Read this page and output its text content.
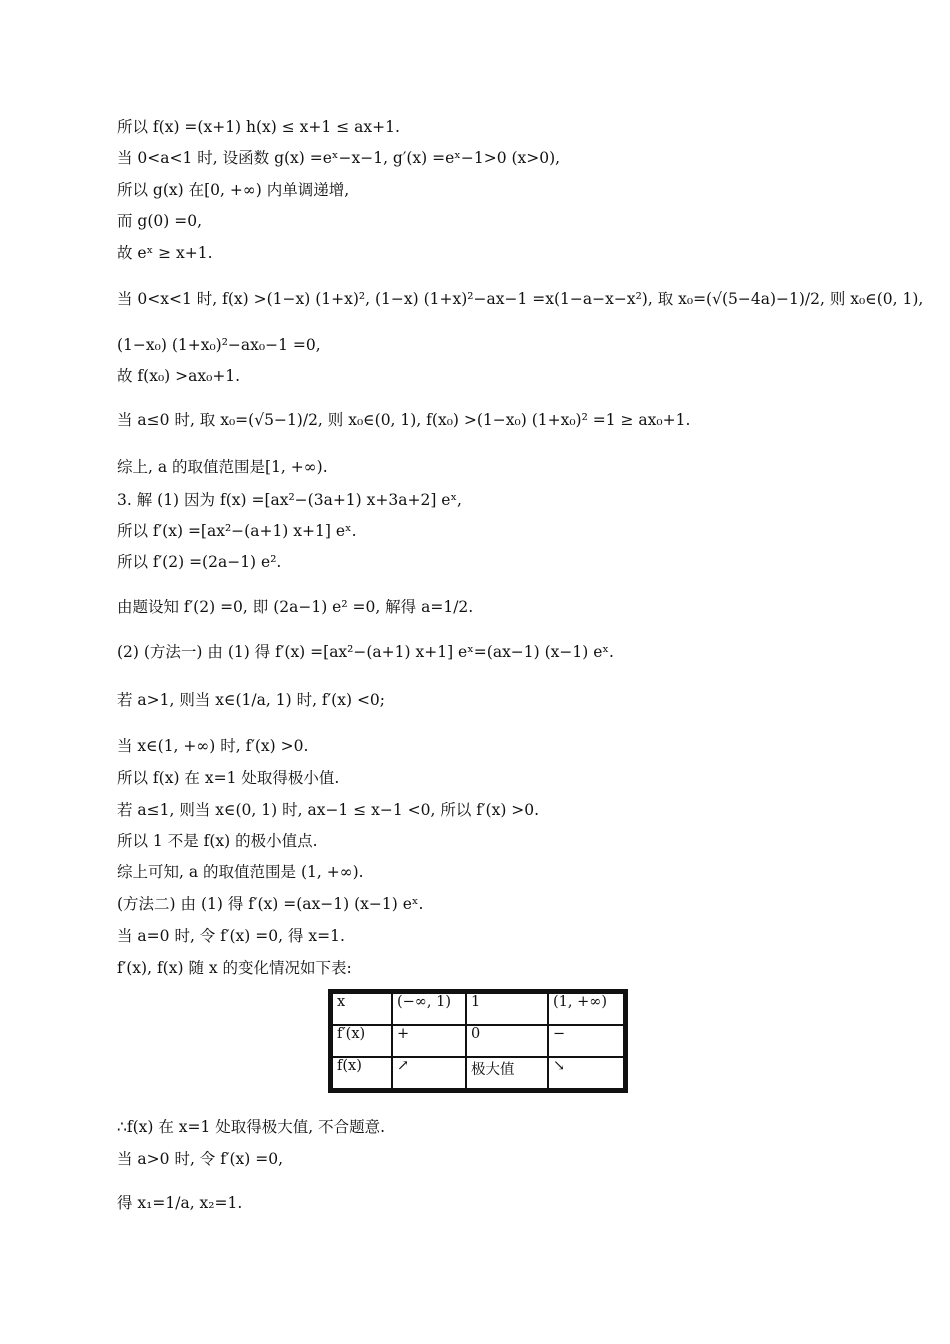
所以 f(x) =(x+1) h(x) ≤ x+1 ≤ ax+1.
当 0<a<1 时, 设函数 g(x) =eˣ−x−1, g′(x) =eˣ−1>0 (x>0),
所以 g(x) 在[0, +∞) 内单调递增,
而 g(0) =0,
故 eˣ ≥ x+1.
当 0<x<1 时, f(x) >(1−x) (1+x)², (1−x) (1+x)²−ax−1 =x(1−a−x−x²), 取 x₀=(√(5−4a)−1)/2, 则 x₀∈(0, 1),
(1−x₀) (1+x₀)²−ax₀−1 =0,
故 f(x₀) >ax₀+1.
当 a≤0 时, 取 x₀=(√5−1)/2, 则 x₀∈(0, 1), f(x₀) >(1−x₀) (1+x₀)² =1 ≥ ax₀+1.
综上, a 的取值范围是[1, +∞).
3. 解 (1) 因为 f(x) =[ax²−(3a+1) x+3a+2] eˣ,
所以 f′(x) =[ax²−(a+1) x+1] eˣ.
所以 f′(2) =(2a−1) e².
由题设知 f′(2) =0, 即 (2a−1) e² =0, 解得 a=1/2.
(2) (方法一) 由 (1) 得 f′(x) =[ax²−(a+1) x+1] eˣ=(ax−1) (x−1) eˣ.
若 a>1, 则当 x∈(1/a, 1) 时, f′(x) <0;
当 x∈(1, +∞) 时, f′(x) >0.
所以 f(x) 在 x=1 处取得极小值.
若 a≤1, 则当 x∈(0, 1) 时, ax−1 ≤ x−1 <0, 所以 f′(x) >0.
所以 1 不是 f(x) 的极小值点.
综上可知, a 的取值范围是 (1, +∞).
(方法二) 由 (1) 得 f′(x) =(ax−1) (x−1) eˣ.
当 a=0 时, 令 f′(x) =0, 得 x=1.
f′(x), f(x) 随 x 的变化情况如下表:
∴f(x) 在 x=1 处取得极大值, 不合题意.
当 a>0 时, 令 f′(x) =0,
得 x₁=1/a, x₂=1.
x	(−∞, 1)	1	(1, +∞)
f′(x)	+	0	−
f(x)	↗	极大值	↘
